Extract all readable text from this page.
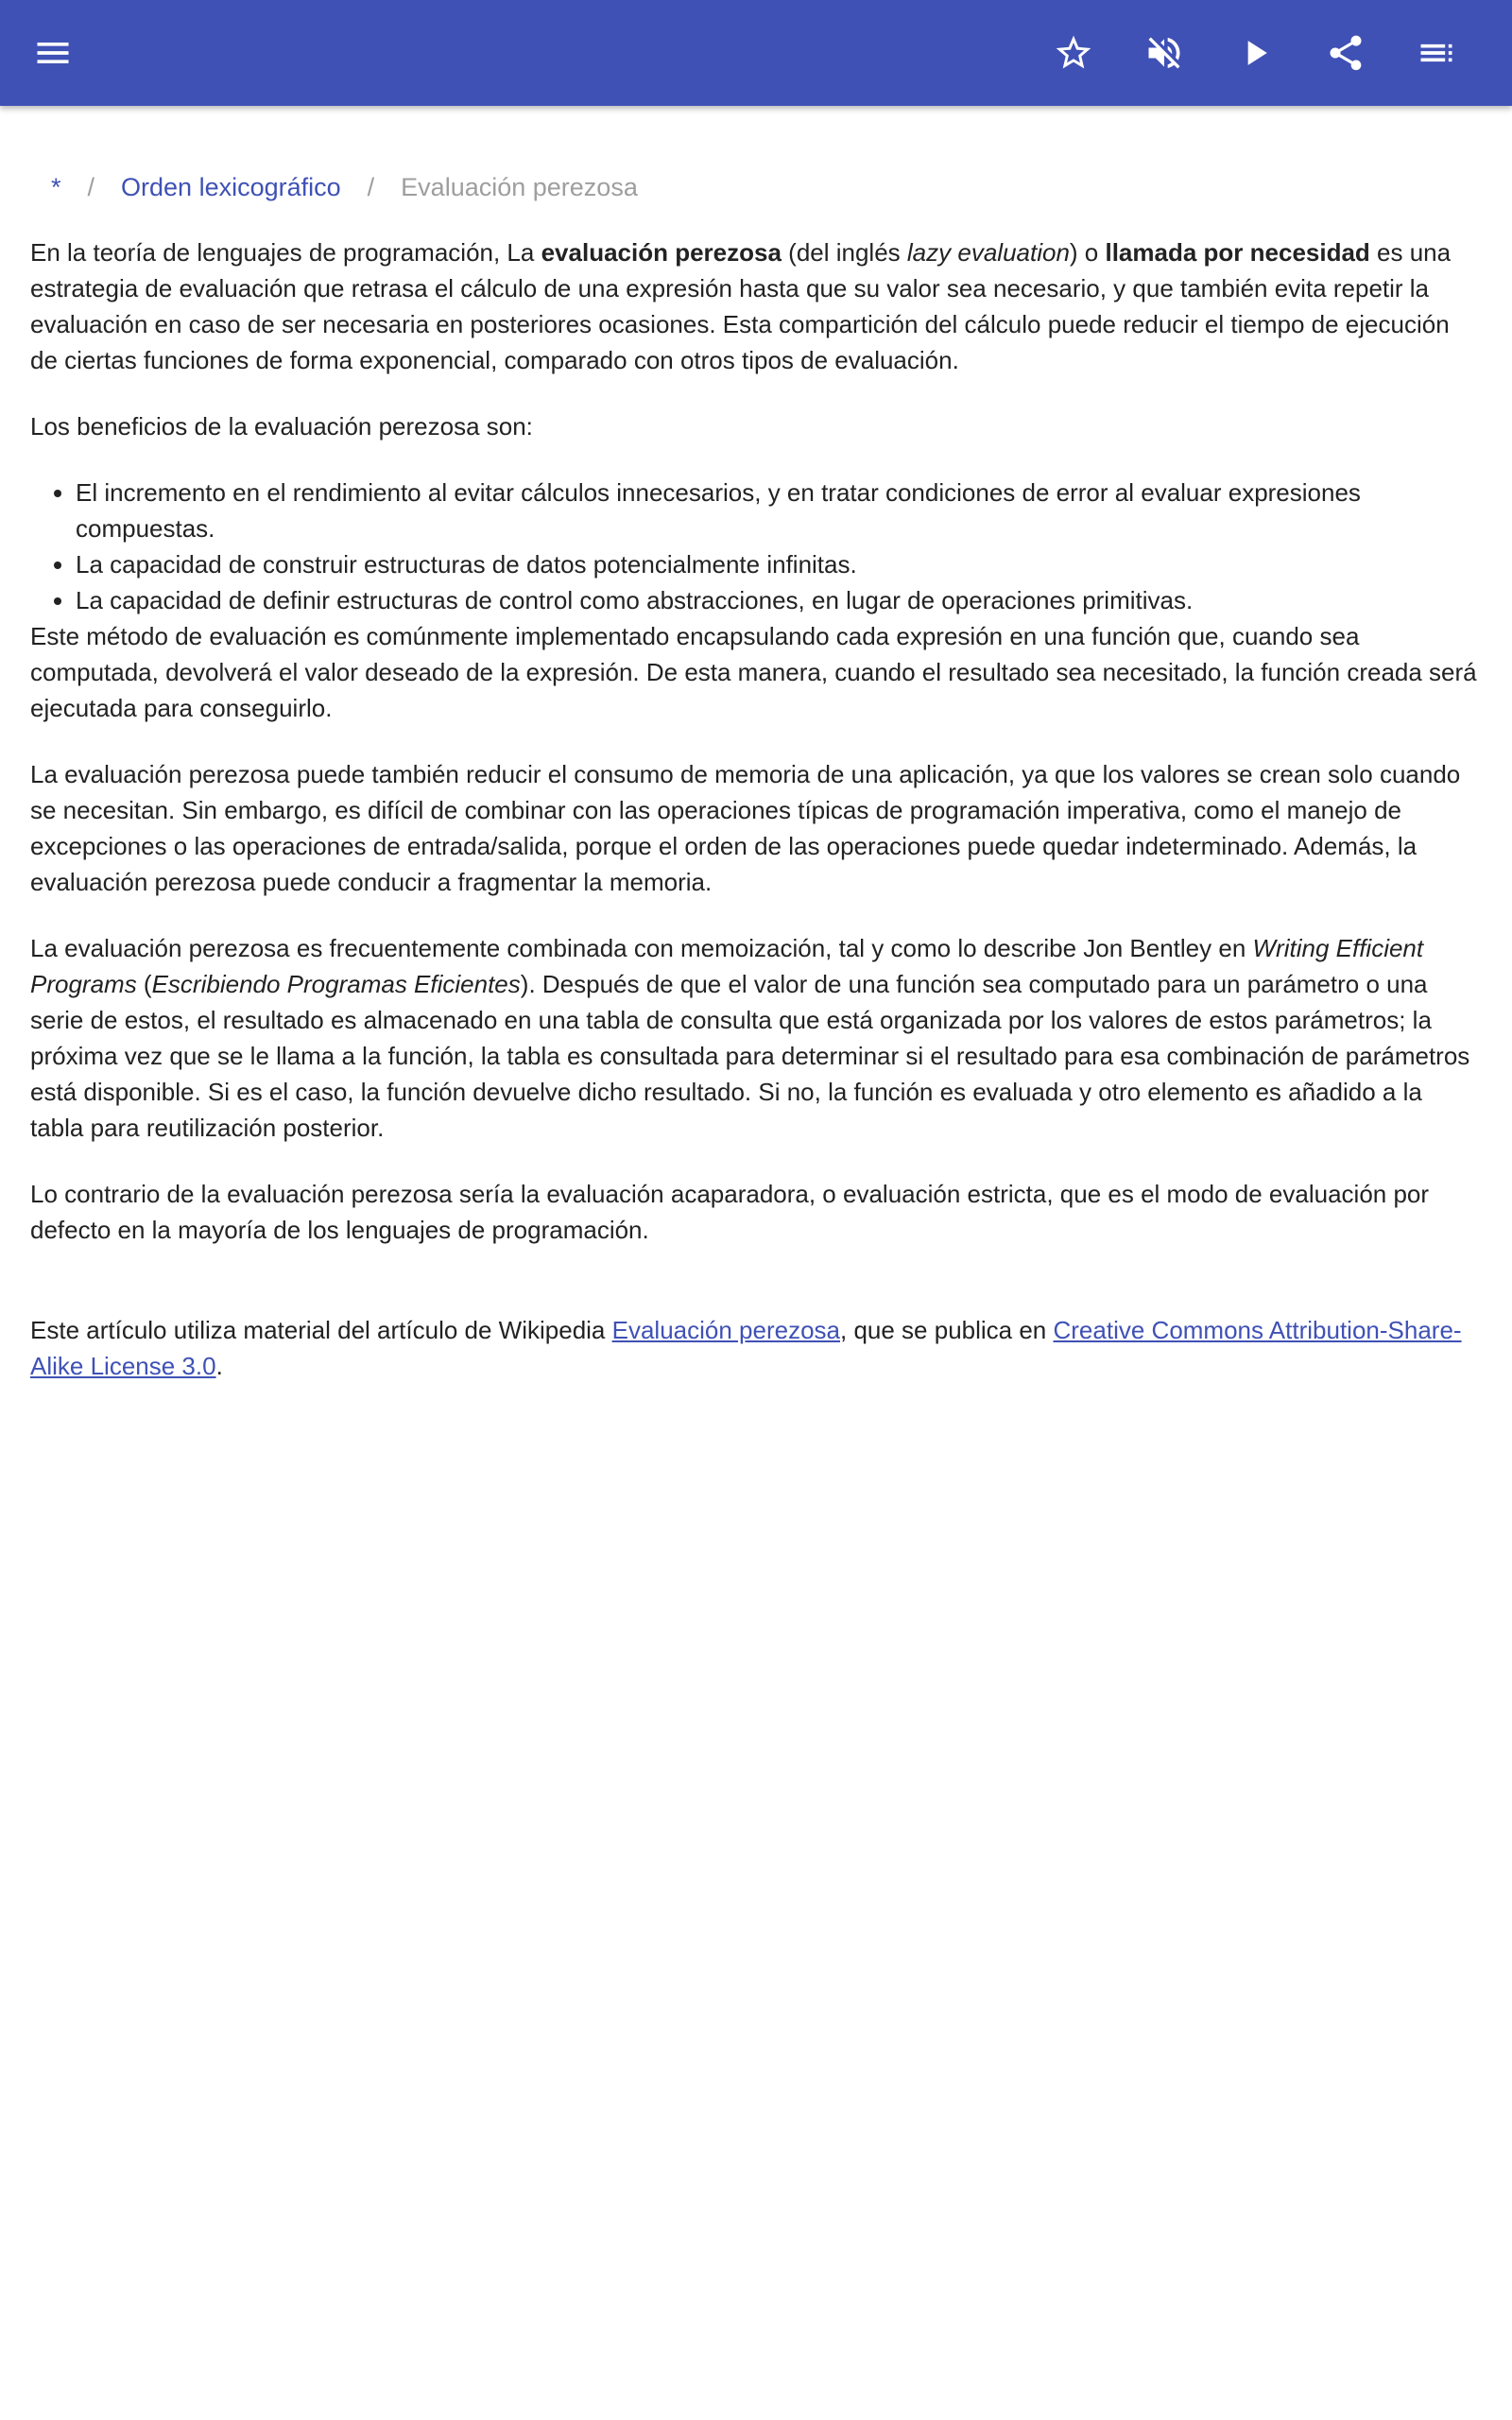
* / Orden lexicográfico / Evaluación perezosa

En la teoría de lenguajes de programación, La evaluación perezosa (del inglés lazy evaluation) o llamada por necesidad es una estrategia de evaluación que retrasa el cálculo de una expresión hasta que su valor sea necesario, y que también evita repetir la evaluación en caso de ser necesaria en posteriores ocasiones. Esta compartición del cálculo puede reducir el tiempo de ejecución de ciertas funciones de forma exponencial, comparado con otros tipos de evaluación.

Los beneficios de la evaluación perezosa son:

• El incremento en el rendimiento al evitar cálculos innecesarios, y en tratar condiciones de error al evaluar expresiones compuestas.
• La capacidad de construir estructuras de datos potencialmente infinitas.
• La capacidad de definir estructuras de control como abstracciones, en lugar de operaciones primitivas.

Este método de evaluación es comúnmente implementado encapsulando cada expresión en una función que, cuando sea computada, devolverá el valor deseado de la expresión. De esta manera, cuando el resultado sea necesitado, la función creada será ejecutada para conseguirlo.

La evaluación perezosa puede también reducir el consumo de memoria de una aplicación, ya que los valores se crean solo cuando se necesitan. Sin embargo, es difícil de combinar con las operaciones típicas de programación imperativa, como el manejo de excepciones o las operaciones de entrada/salida, porque el orden de las operaciones puede quedar indeterminado. Además, la evaluación perezosa puede conducir a fragmentar la memoria.

La evaluación perezosa es frecuentemente combinada con memoización, tal y como lo describe Jon Bentley en Writing Efficient Programs (Escribiendo Programas Eficientes). Después de que el valor de una función sea computado para un parámetro o una serie de estos, el resultado es almacenado en una tabla de consulta que está organizada por los valores de estos parámetros; la próxima vez que se le llama a la función, la tabla es consultada para determinar si el resultado para esa combinación de parámetros está disponible. Si es el caso, la función devuelve dicho resultado. Si no, la función es evaluada y otro elemento es añadido a la tabla para reutilización posterior.

Lo contrario de la evaluación perezosa sería la evaluación acaparadora, o evaluación estricta, que es el modo de evaluación por defecto en la mayoría de los lenguajes de programación.

Este artículo utiliza material del artículo de Wikipedia Evaluación perezosa, que se publica en Creative Commons Attribution-Share-Alike License 3.0.
